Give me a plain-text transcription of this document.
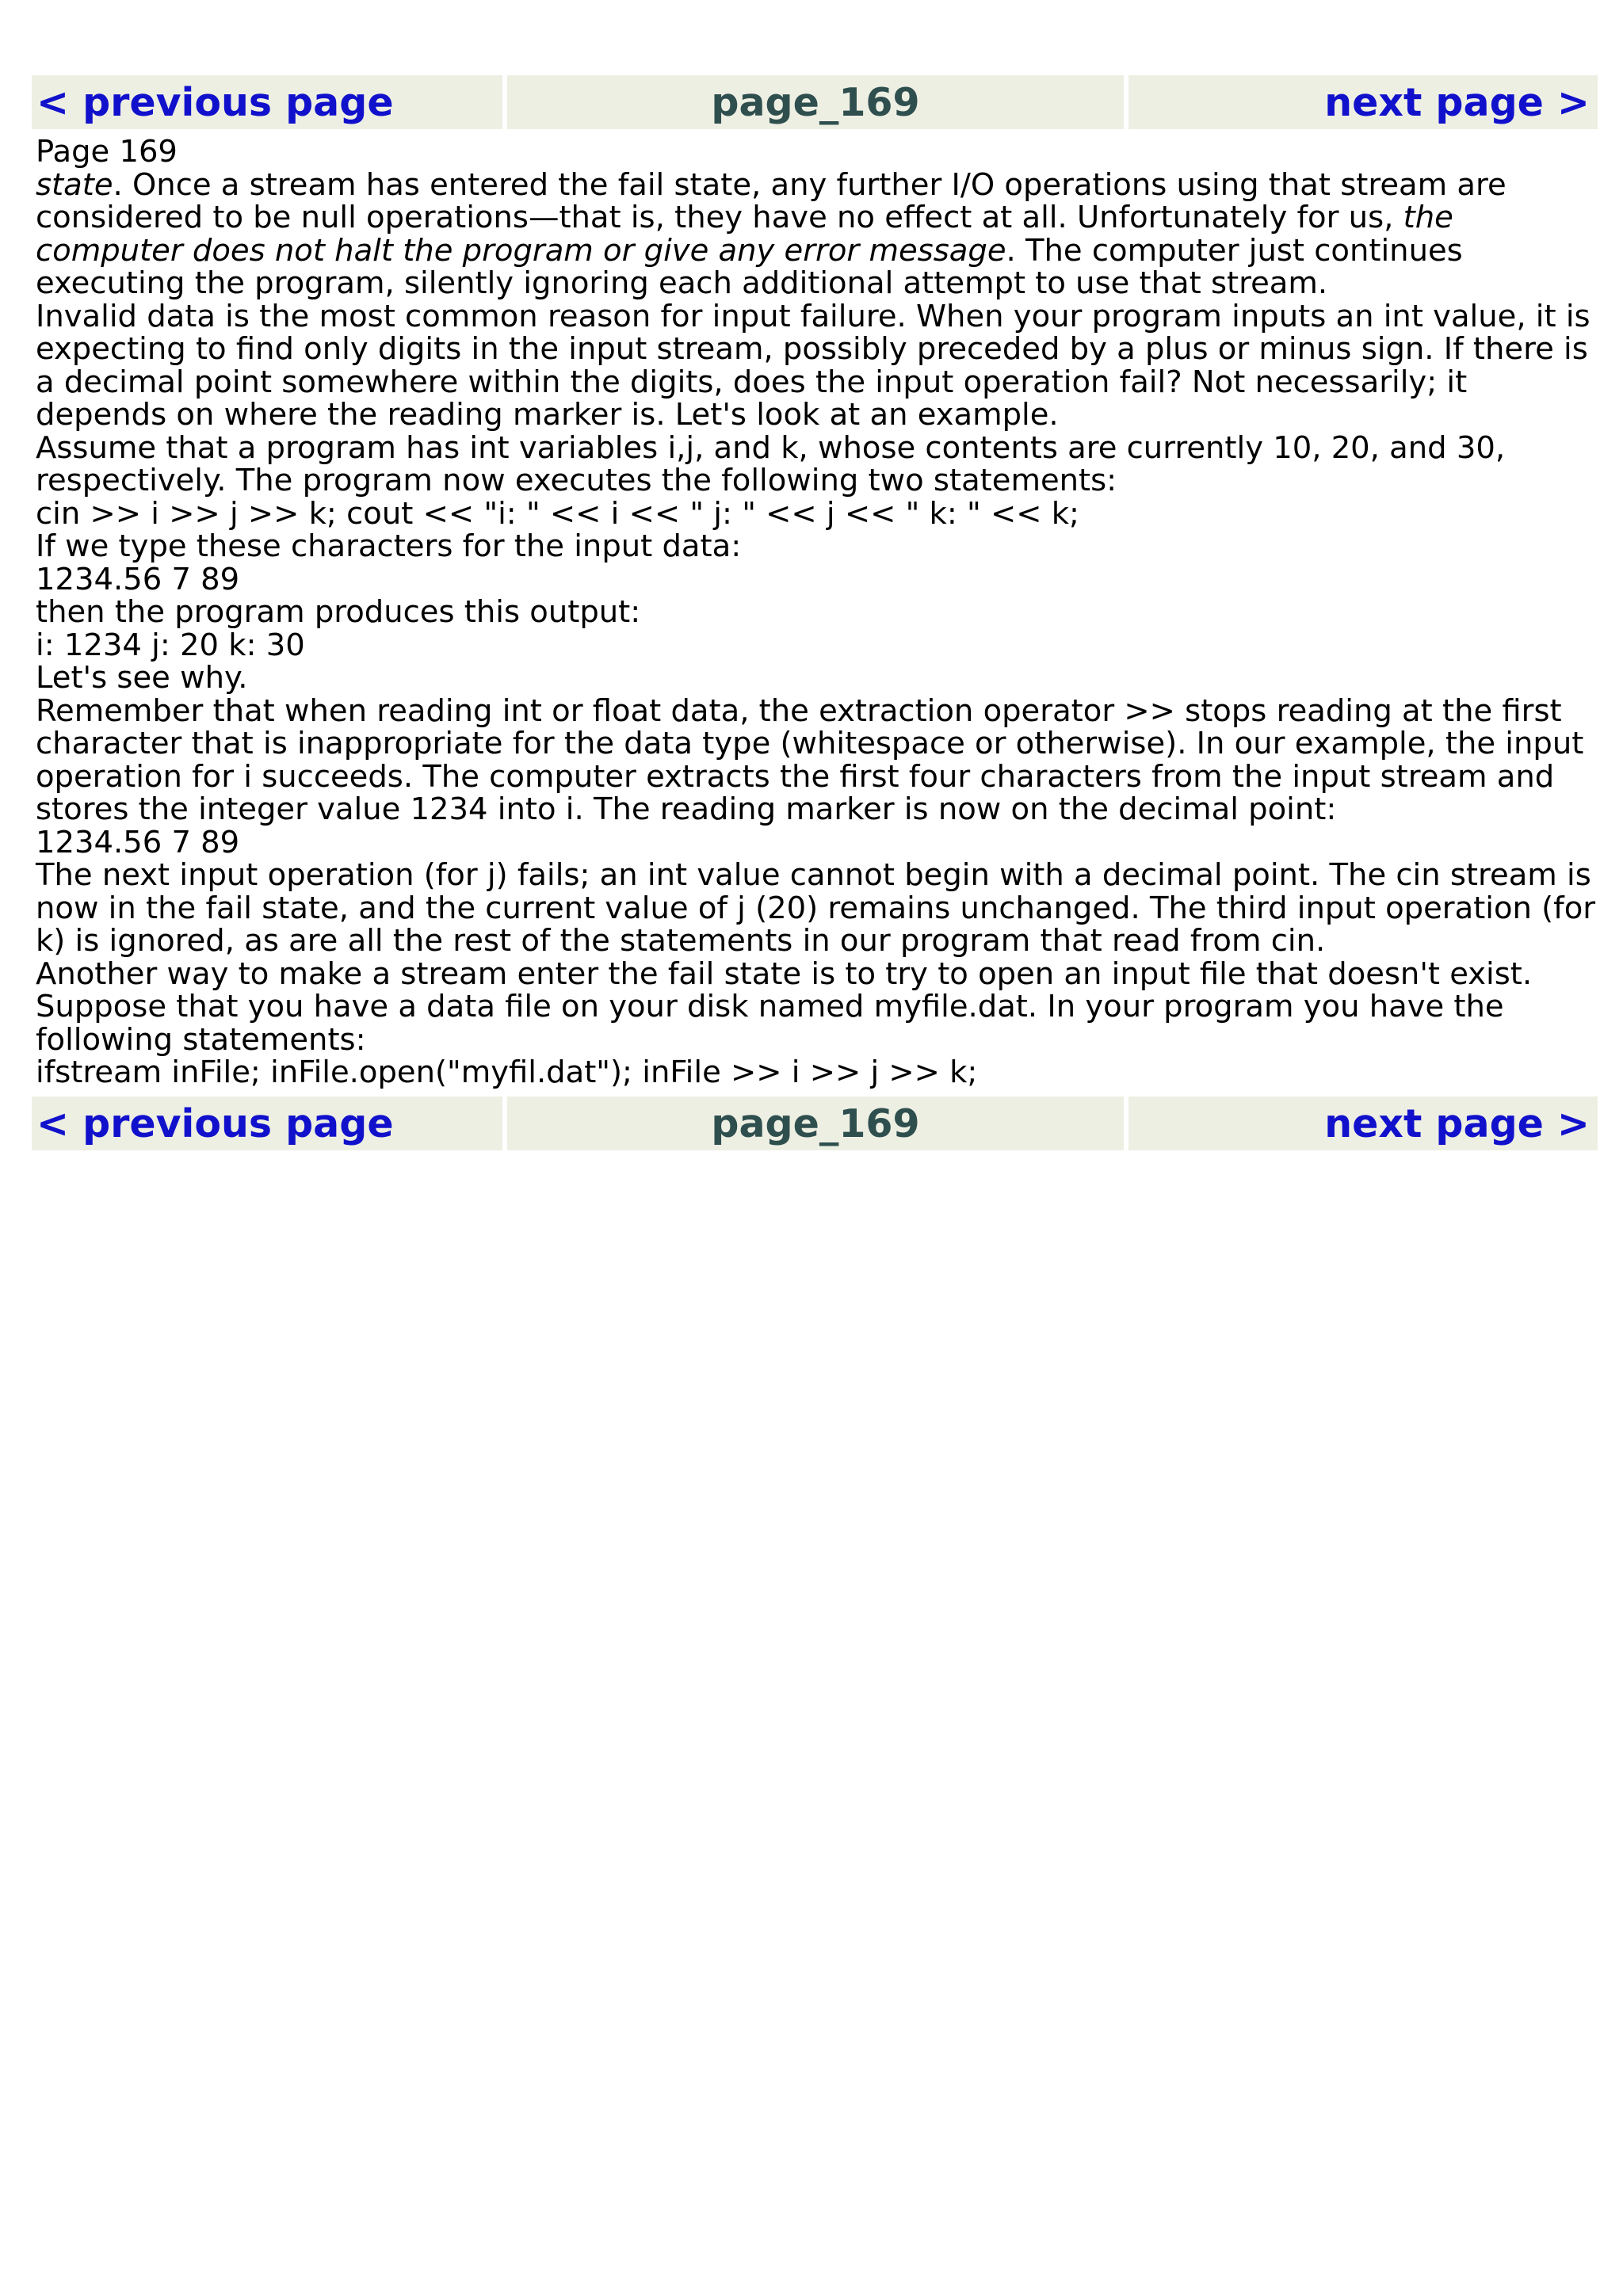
< previous page	page_169	next page >

Page 169

state. Once a stream has entered the fail state, any further I/O operations using that stream are considered to be null operations—that is, they have no effect at all. Unfortunately for us, the computer does not halt the program or give any error message. The computer just continues executing the program, silently ignoring each additional attempt to use that stream.

Invalid data is the most common reason for input failure. When your program inputs an int value, it is expecting to find only digits in the input stream, possibly preceded by a plus or minus sign. If there is a decimal point somewhere within the digits, does the input operation fail? Not necessarily; it depends on where the reading marker is. Let's look at an example.

Assume that a program has int variables i,j, and k, whose contents are currently 10, 20, and 30, respectively. The program now executes the following two statements:

cin >> i >> j >> k; cout << "i: " << i << " j: " << j << " k: " << k;

If we type these characters for the input data:

1234.56 7 89

then the program produces this output:

i: 1234 j: 20 k: 30

Let's see why.

Remember that when reading int or float data, the extraction operator >> stops reading at the first character that is inappropriate for the data type (whitespace or otherwise). In our example, the input operation for i succeeds. The computer extracts the first four characters from the input stream and stores the integer value 1234 into i. The reading marker is now on the decimal point:

1234.56 7 89

The next input operation (for j) fails; an int value cannot begin with a decimal point. The cin stream is now in the fail state, and the current value of j (20) remains unchanged. The third input operation (for k) is ignored, as are all the rest of the statements in our program that read from cin.

Another way to make a stream enter the fail state is to try to open an input file that doesn't exist. Suppose that you have a data file on your disk named myfile.dat. In your program you have the following statements:

ifstream inFile; inFile.open("myfil.dat"); inFile >> i >> j >> k;

< previous page	page_169	next page >
